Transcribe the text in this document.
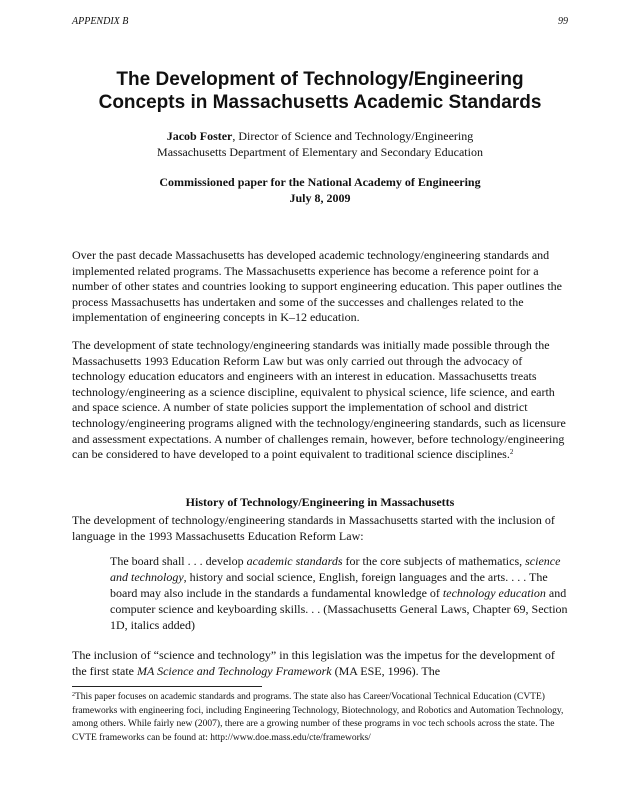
APPENDIX B	99
The Development of Technology/Engineering
Concepts in Massachusetts Academic Standards
Jacob Foster, Director of Science and Technology/Engineering
Massachusetts Department of Elementary and Secondary Education
Commissioned paper for the National Academy of Engineering
July 8, 2009

Over the past decade Massachusetts has developed academic technology/engineering standards and implemented related programs. The Massachusetts experience has become a reference point for a number of other states and countries looking to support engineering education. This paper outlines the process Massachusetts has undertaken and some of the successes and challenges related to the implementation of engineering concepts in K–12 education.

The development of state technology/engineering standards was initially made possible through the Massachusetts 1993 Education Reform Law but was only carried out through the advocacy of technology education educators and engineers with an interest in education. Massachusetts treats technology/engineering as a science discipline, equivalent to physical science, life science, and earth and space science. A number of state policies support the implementation of school and district technology/engineering programs aligned with the technology/engineering standards, such as licensure and assessment expectations. A number of challenges remain, however, before technology/engineering can be considered to have developed to a point equivalent to traditional science disciplines.$^2$

History of Technology/Engineering in Massachusetts

The development of technology/engineering standards in Massachusetts started with the inclusion of language in the 1993 Massachusetts Education Reform Law:

The board shall . . . develop academic standards for the core subjects of mathematics, science and technology, history and social science, English, foreign languages and the arts. . . . The board may also include in the standards a fundamental knowledge of technology education and computer science and keyboarding skills. . . (Massachusetts General Laws, Chapter 69, Section 1D, italics added)

The inclusion of “science and technology” in this legislation was the impetus for the development of the first state MA Science and Technology Framework (MA ESE, 1996). The

$^2$This paper focuses on academic standards and programs. The state also has Career/Vocational Technical Education (CVTE) frameworks with engineering foci, including Engineering Technology, Biotechnology, and Robotics and Automation Technology, among others. While fairly new (2007), there are a growing number of these programs in voc tech schools across the state. The CVTE frameworks can be found at: http://www.doe.mass.edu/cte/frameworks/
